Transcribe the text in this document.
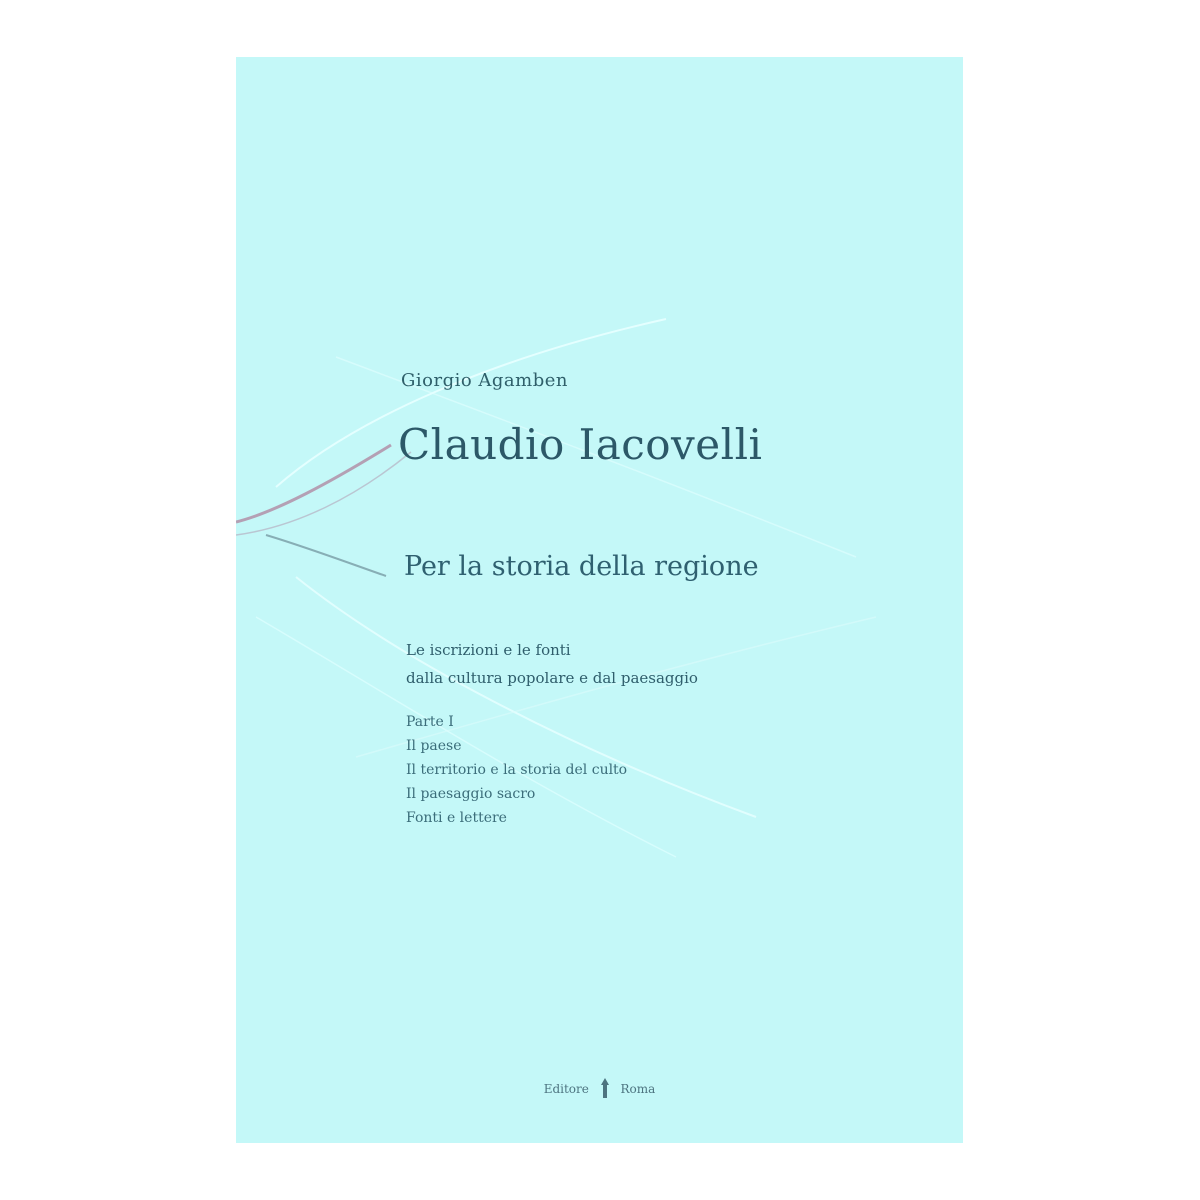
Giorgio Agamben
Claudio Iacovelli
Per la storia della regione
Le iscrizioni e le fonti
dalla cultura popolare e dal paesaggio
Parte I
Il paese
Il territorio e la storia del culto
Il paesaggio sacro
Fonti e lettere
Editore	Roma
